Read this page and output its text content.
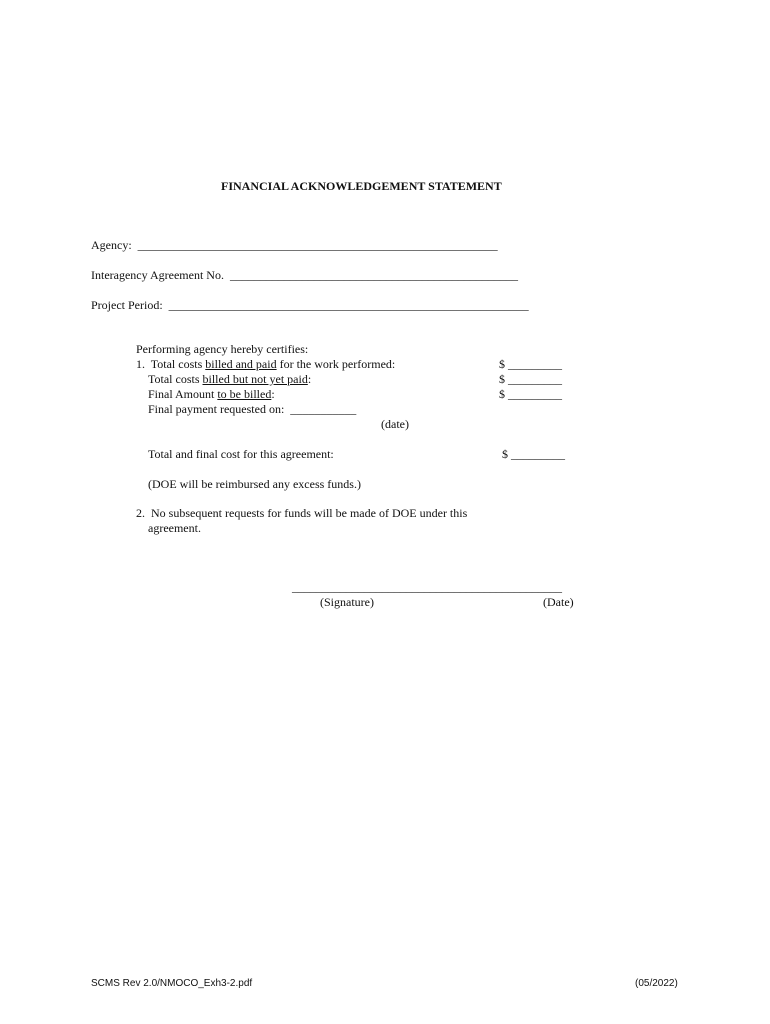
FINANCIAL ACKNOWLEDGEMENT STATEMENT
Agency:  ____________________________________________________________
Interagency Agreement No.  ________________________________________________
Project Period:  ____________________________________________________________
Performing agency hereby certifies:
1.  Total costs billed and paid for the work performed:	$ _________
Total costs billed but not yet paid:	$ _________
Final Amount to be billed:	$ _________
Final payment requested on:  ___________
(date)
Total and final cost for this agreement:	$ _________
(DOE will be reimbursed any excess funds.)
2.  No subsequent requests for funds will be made of DOE under this
agreement.
_____________________________________________
(Signature)	(Date)
SCMS Rev 2.0/NMOCO_Exh3-2.pdf	(05/2022)
